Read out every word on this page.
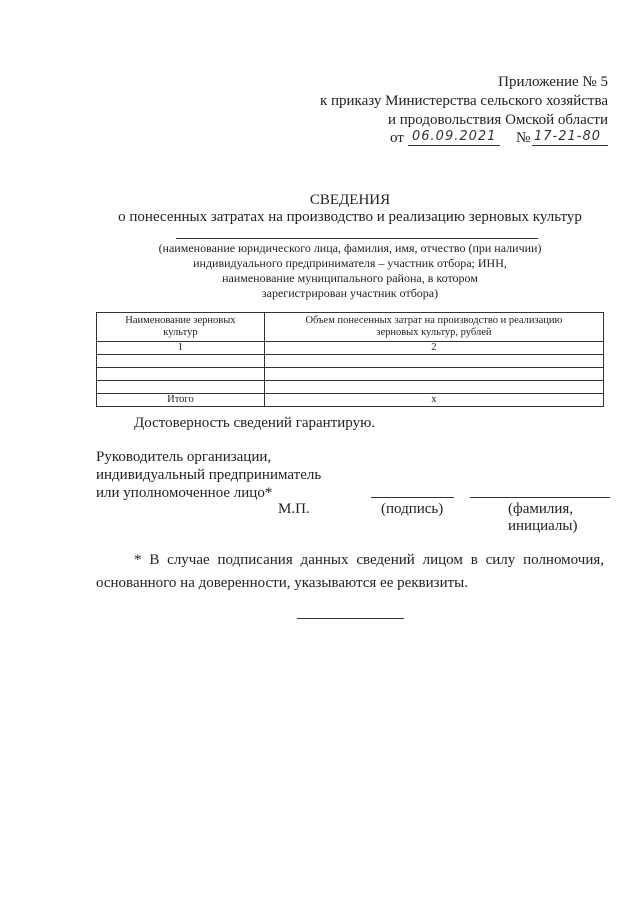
Приложение № 5
к приказу Министерства сельского хозяйства
и продовольствия Омской области
от 06.09.2021 № 17-21-80
СВЕДЕНИЯ
о понесенных затратах на производство и реализацию зерновых культур
(наименование юридического лица, фамилия, имя, отчество (при наличии)
индивидуального предпринимателя – участник отбора; ИНН,
наименование муниципального района, в котором
зарегистрирован участник отбора)
Наименование зерновых культур	Объем понесенных затрат на производство и реализацию зерновых культур, рублей
1	2

Итого	x
Достоверность сведений гарантирую.
Руководитель организации,
индивидуальный предприниматель
или уполномоченное лицо*
М.П.	(подпись)	(фамилия,
инициалы)
* В случае подписания данных сведений лицом в силу полномочия,
основанного на доверенности, указываются ее реквизиты.
